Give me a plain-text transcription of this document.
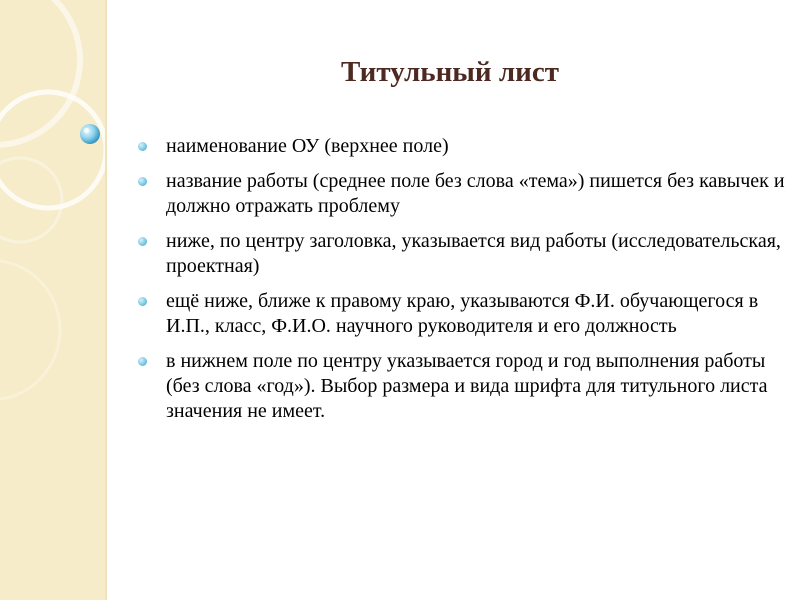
Титульный лист
наименование ОУ (верхнее поле)
название работы (среднее поле без слова «тема») пишется без кавычек и должно отражать проблему
ниже, по центру заголовка, указывается вид работы (исследовательская, проектная)
ещё ниже, ближе к правому краю, указываются Ф.И. обучающегося в И.П., класс, Ф.И.О. научного руководителя и его должность
в нижнем поле по центру указывается город и год выполнения работы (без слова «год»). Выбор размера и вида шрифта для титульного листа значения не имеет.
